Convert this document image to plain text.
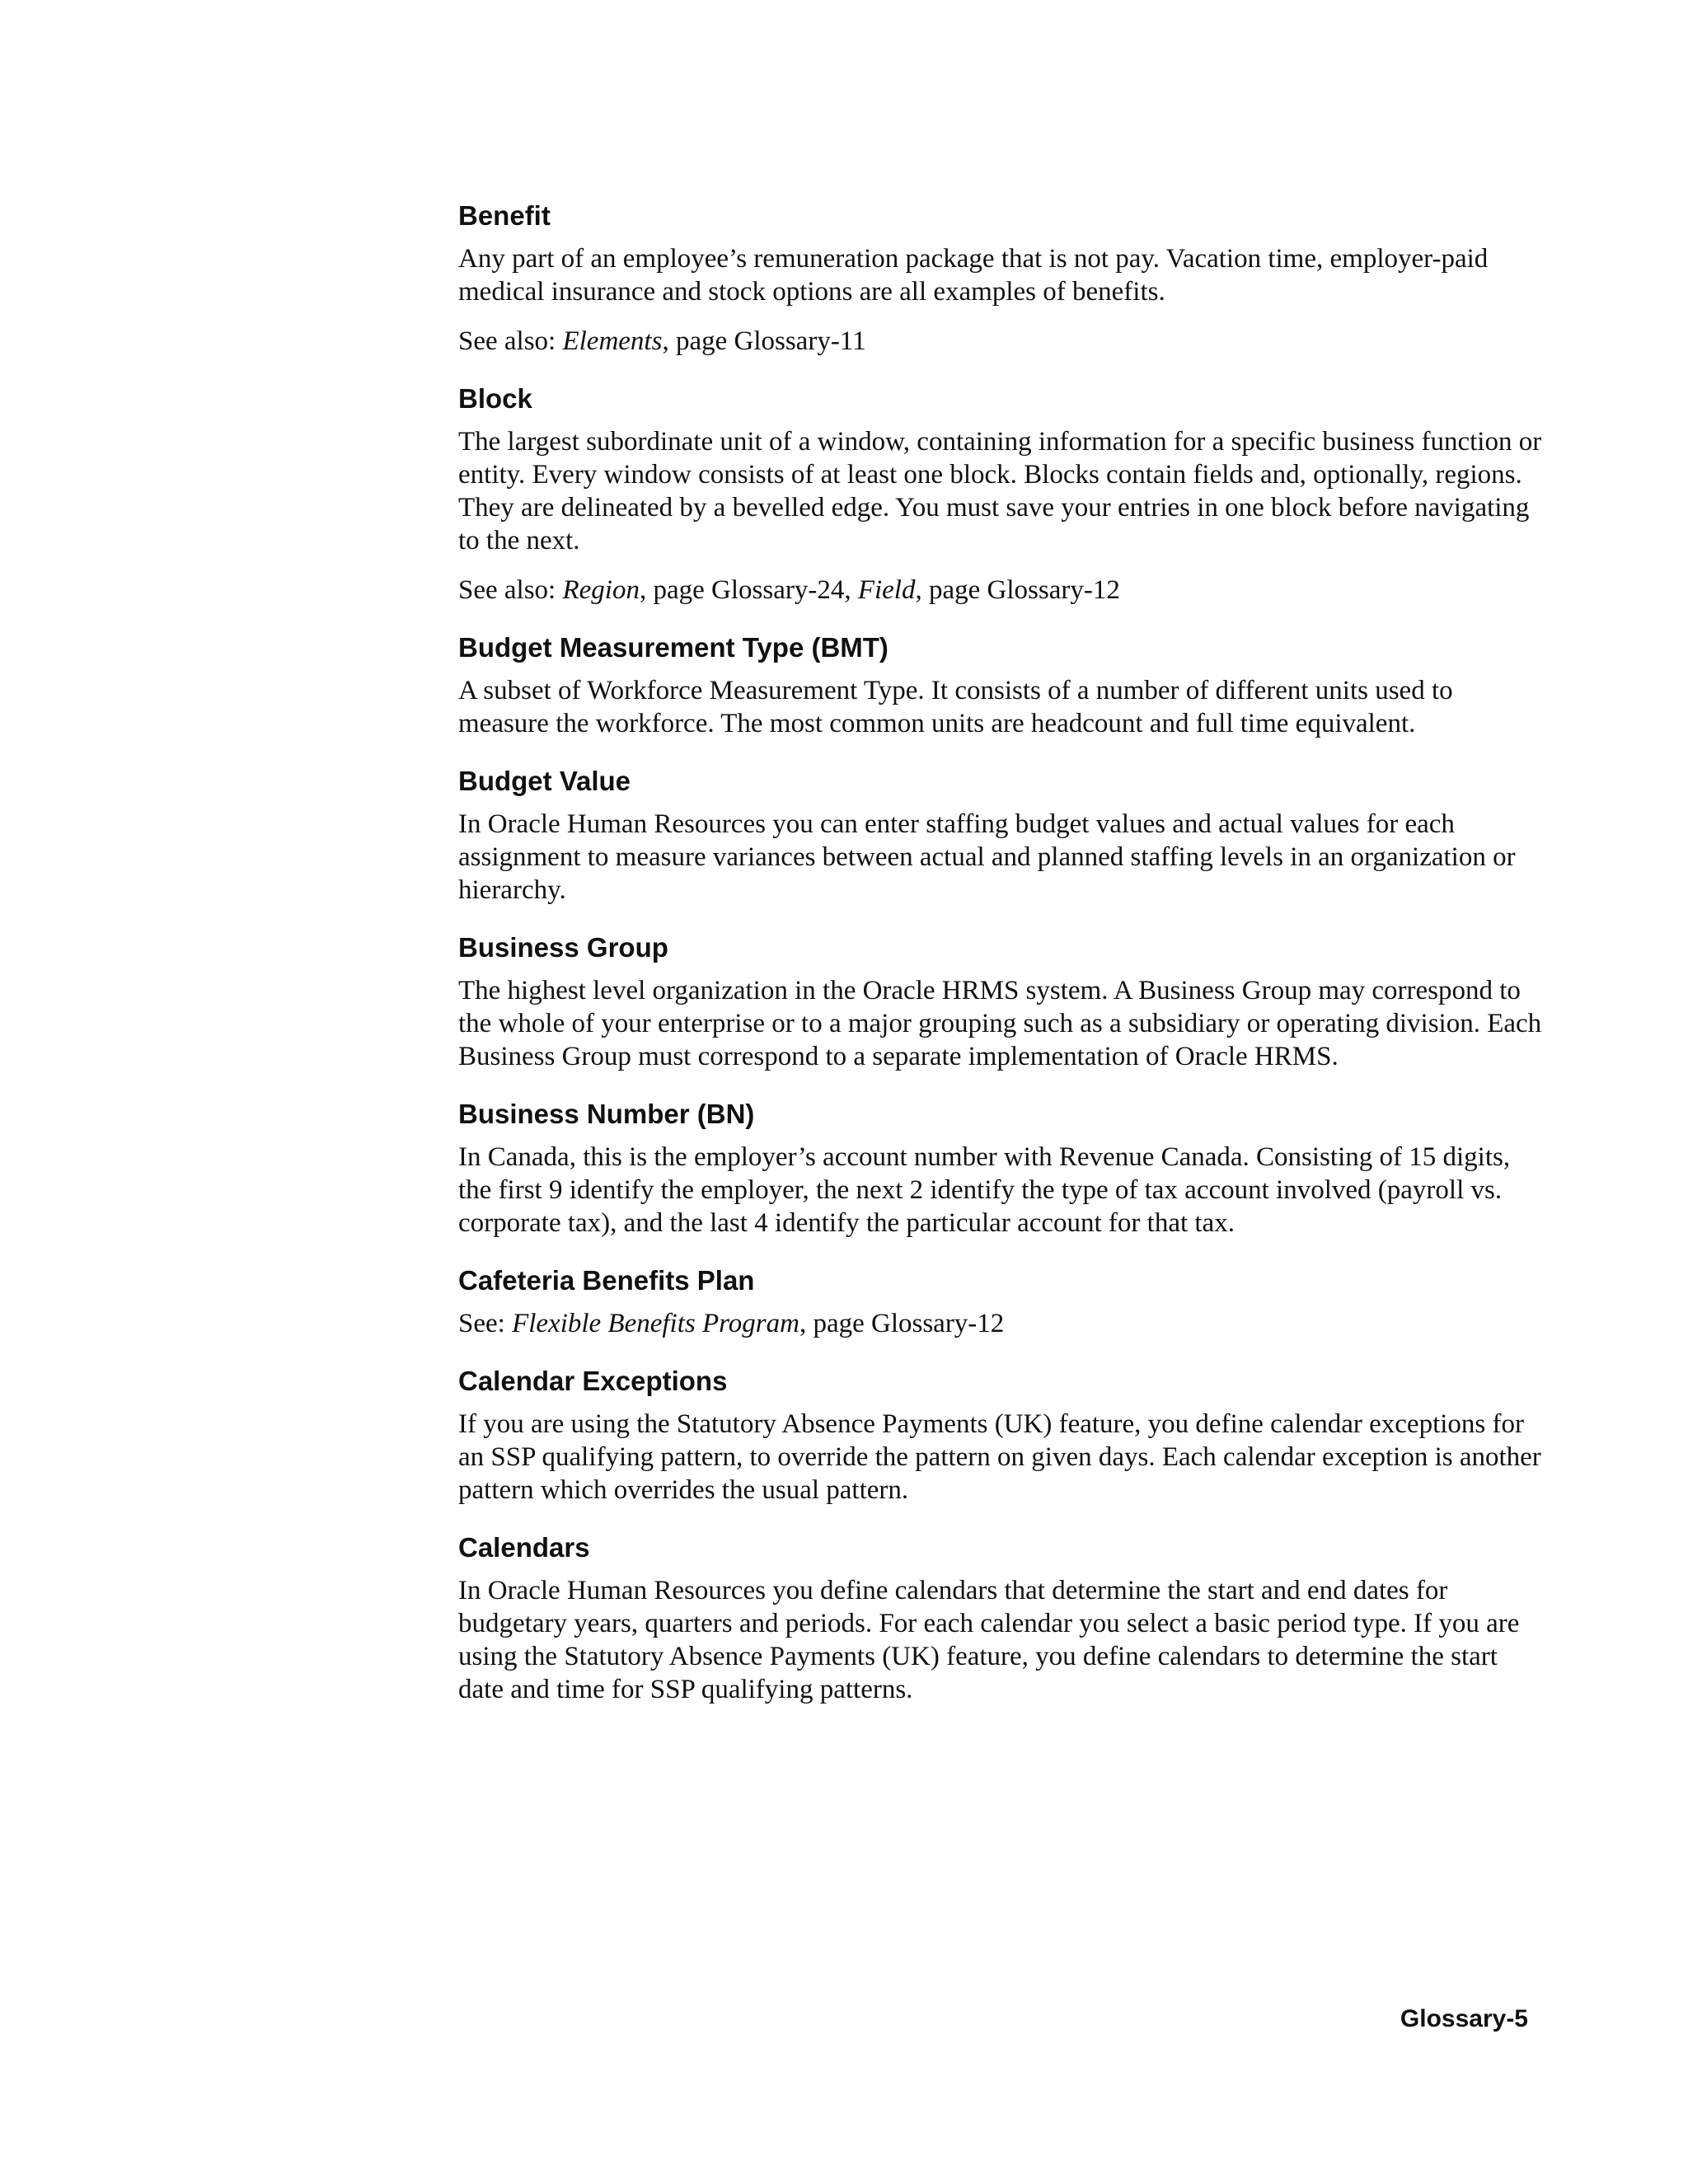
Benefit

Any part of an employee’s remuneration package that is not pay. Vacation time, employer-paid medical insurance and stock options are all examples of benefits.

See also: Elements, page Glossary-11

Block

The largest subordinate unit of a window, containing information for a specific business function or entity. Every window consists of at least one block. Blocks contain fields and, optionally, regions. They are delineated by a bevelled edge. You must save your entries in one block before navigating to the next.

See also: Region, page Glossary-24, Field, page Glossary-12

Budget Measurement Type (BMT)

A subset of Workforce Measurement Type. It consists of a number of different units used to measure the workforce. The most common units are headcount and full time equivalent.

Budget Value

In Oracle Human Resources you can enter staffing budget values and actual values for each assignment to measure variances between actual and planned staffing levels in an organization or hierarchy.

Business Group

The highest level organization in the Oracle HRMS system. A Business Group may correspond to the whole of your enterprise or to a major grouping such as a subsidiary or operating division. Each Business Group must correspond to a separate implementation of Oracle HRMS.

Business Number (BN)

In Canada, this is the employer’s account number with Revenue Canada. Consisting of 15 digits, the first 9 identify the employer, the next 2 identify the type of tax account involved (payroll vs. corporate tax), and the last 4 identify the particular account for that tax.

Cafeteria Benefits Plan

See: Flexible Benefits Program, page Glossary-12

Calendar Exceptions

If you are using the Statutory Absence Payments (UK) feature, you define calendar exceptions for an SSP qualifying pattern, to override the pattern on given days. Each calendar exception is another pattern which overrides the usual pattern.

Calendars

In Oracle Human Resources you define calendars that determine the start and end dates for budgetary years, quarters and periods. For each calendar you select a basic period type. If you are using the Statutory Absence Payments (UK) feature, you define calendars to determine the start date and time for SSP qualifying patterns.

Glossary-5
